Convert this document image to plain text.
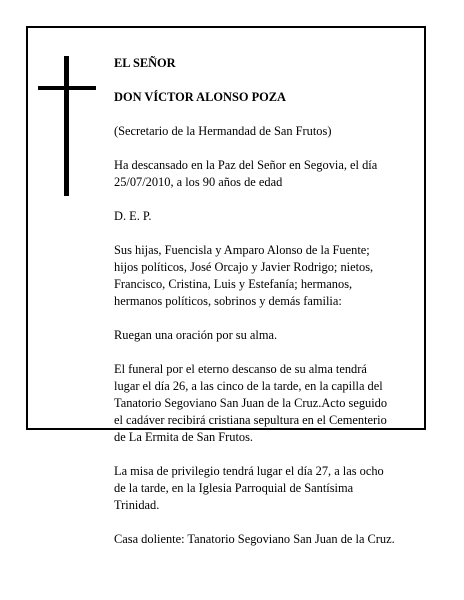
EL SEÑOR

DON VÍCTOR ALONSO POZA

(Secretario de la Hermandad de San Frutos)

Ha descansado en la Paz del Señor en Segovia, el día
25/07/2010, a los 90 años de edad

D. E. P.

Sus hijas, Fuencisla y Amparo Alonso de la Fuente;
hijos políticos, José Orcajo y Javier Rodrigo; nietos,
Francisco, Cristina, Luis y Estefanía; hermanos,
hermanos políticos, sobrinos y demás familia:

Ruegan una oración por su alma.

El funeral por el eterno descanso de su alma tendrá
lugar el día 26, a las cinco de la tarde, en la capilla del
Tanatorio Segoviano San Juan de la Cruz.Acto seguido
el cadáver recibirá cristiana sepultura en el Cementerio
de La Ermita de San Frutos.

La misa de privilegio tendrá lugar el día 27, a las ocho
de la tarde, en la Iglesia Parroquial de Santísima
Trinidad.

Casa doliente: Tanatorio Segoviano San Juan de la Cruz.
